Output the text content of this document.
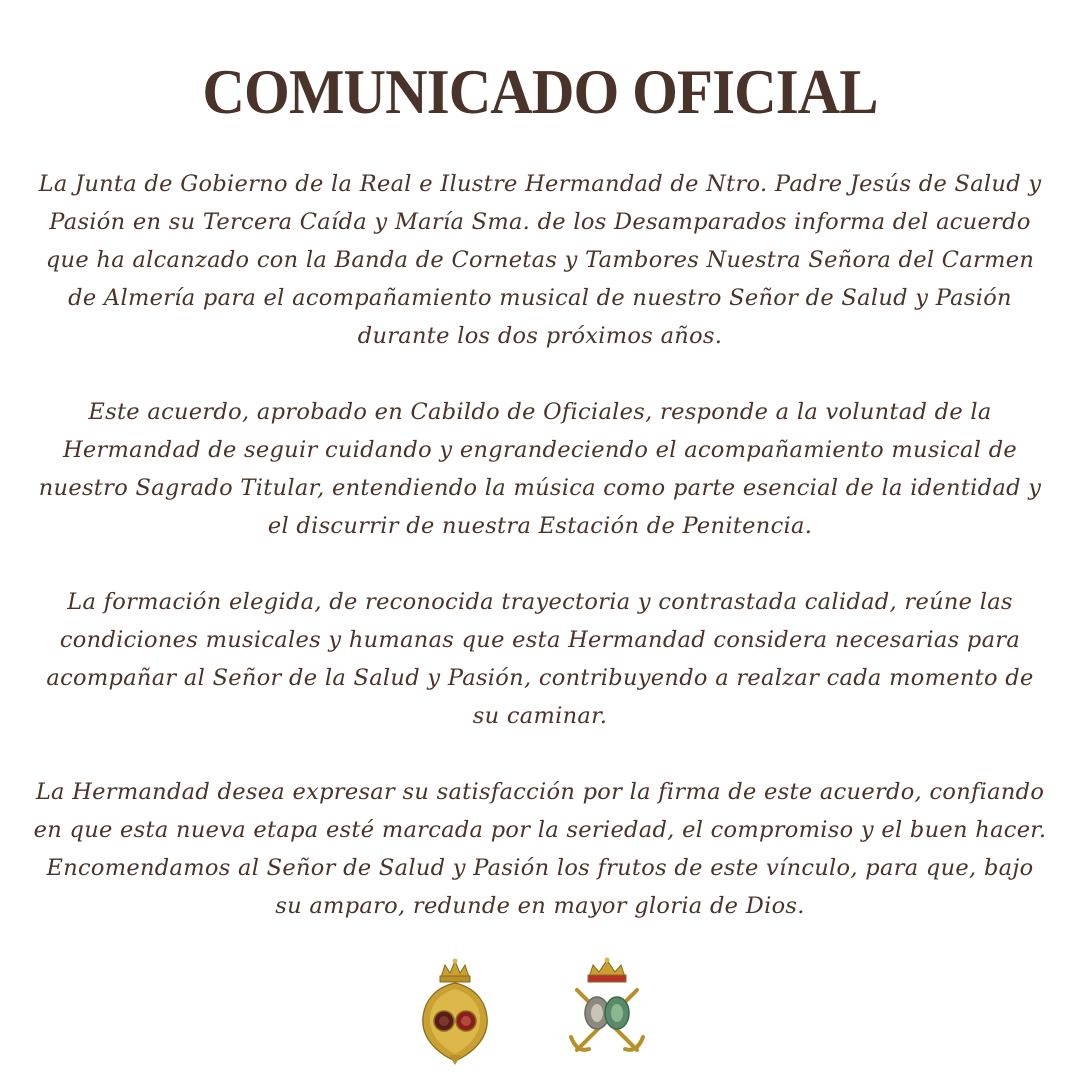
COMUNICADO OFICIAL

La Junta de Gobierno de la Real e Ilustre Hermandad de Ntro. Padre Jesús de Salud y Pasión en su Tercera Caída y María Sma. de los Desamparados informa del acuerdo que ha alcanzado con la Banda de Cornetas y Tambores Nuestra Señora del Carmen de Almería para el acompañamiento musical de nuestro Señor de Salud y Pasión durante los dos próximos años.

Este acuerdo, aprobado en Cabildo de Oficiales, responde a la voluntad de la Hermandad de seguir cuidando y engrandeciendo el acompañamiento musical de nuestro Sagrado Titular, entendiendo la música como parte esencial de la identidad y el discurrir de nuestra Estación de Penitencia.

La formación elegida, de reconocida trayectoria y contrastada calidad, reúne las condiciones musicales y humanas que esta Hermandad considera necesarias para acompañar al Señor de la Salud y Pasión, contribuyendo a realzar cada momento de su caminar.

La Hermandad desea expresar su satisfacción por la firma de este acuerdo, confiando en que esta nueva etapa esté marcada por la seriedad, el compromiso y el buen hacer. Encomendamos al Señor de Salud y Pasión los frutos de este vínculo, para que, bajo su amparo, redunde en mayor gloria de Dios.
